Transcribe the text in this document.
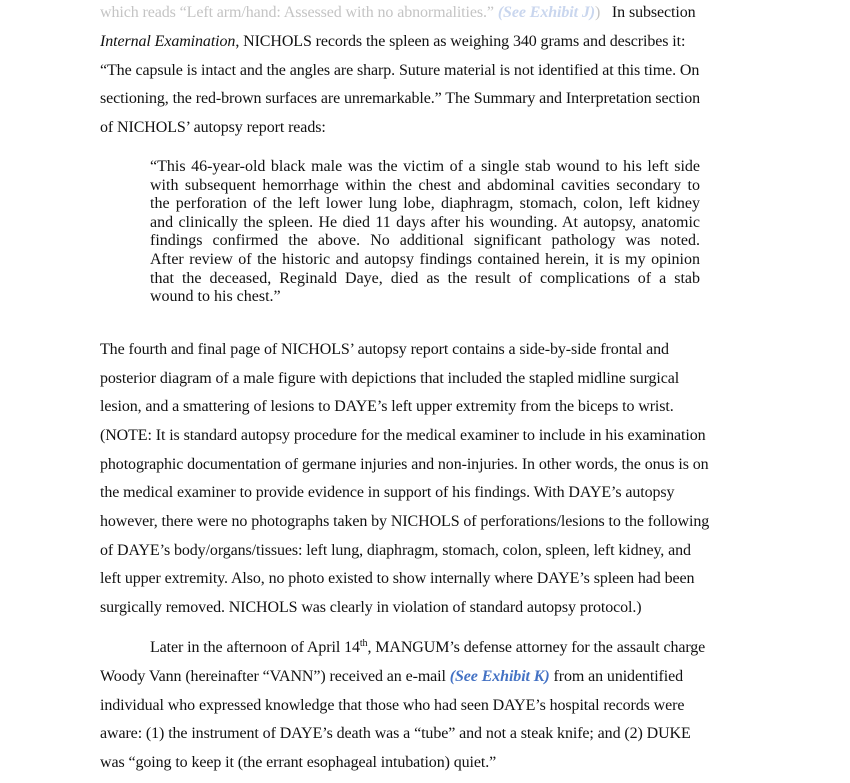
which reads “Left arm/hand: Assessed with no abnormalities.” (See Exhibit J)) In subsection
Internal Examination, NICHOLS records the spleen as weighing 340 grams and describes it:
“The capsule is intact and the angles are sharp. Suture material is not identified at this time. On
sectioning, the red-brown surfaces are unremarkable.” The Summary and Interpretation section
of NICHOLS’ autopsy report reads:
“This 46-year-old black male was the victim of a single stab wound to his left side
with subsequent hemorrhage within the chest and abdominal cavities secondary to
the perforation of the left lower lung lobe, diaphragm, stomach, colon, left kidney
and clinically the spleen. He died 11 days after his wounding. At autopsy, anatomic
findings confirmed the above. No additional significant pathology was noted.
After review of the historic and autopsy findings contained herein, it is my opinion
that the deceased, Reginald Daye, died as the result of complications of a stab
wound to his chest.”
The fourth and final page of NICHOLS’ autopsy report contains a side-by-side frontal and
posterior diagram of a male figure with depictions that included the stapled midline surgical
lesion, and a smattering of lesions to DAYE’s left upper extremity from the biceps to wrist.
(NOTE: It is standard autopsy procedure for the medical examiner to include in his examination
photographic documentation of germane injuries and non-injuries. In other words, the onus is on
the medical examiner to provide evidence in support of his findings. With DAYE’s autopsy
however, there were no photographs taken by NICHOLS of perforations/lesions to the following
of DAYE’s body/organs/tissues: left lung, diaphragm, stomach, colon, spleen, left kidney, and
left upper extremity. Also, no photo existed to show internally where DAYE’s spleen had been
surgically removed. NICHOLS was clearly in violation of standard autopsy protocol.)
Later in the afternoon of April 14th, MANGUM’s defense attorney for the assault charge
Woody Vann (hereinafter “VANN”) received an e-mail (See Exhibit K) from an unidentified
individual who expressed knowledge that those who had seen DAYE’s hospital records were
aware: (1) the instrument of DAYE’s death was a “tube” and not a steak knife; and (2) DUKE
was “going to keep it (the errant esophageal intubation) quiet.”
